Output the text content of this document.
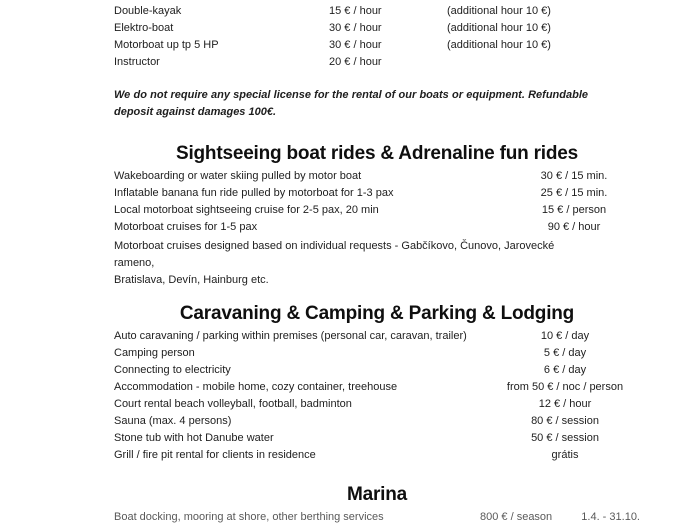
Double-kayak	15 € / hour	(additional hour 10 €)
Elektro-boat	30 € / hour	(additional hour 10 €)
Motorboat up tp 5 HP	30 € / hour	(additional hour 10 €)
Instructor	20 € / hour
We do not require any special license for the rental of our boats or equipment. Refundable
deposit against damages 100€.
Sightseeing boat rides & Adrenaline fun rides
Wakeboarding or water skiing pulled by motor boat	30 € / 15 min.
Inflatable banana fun ride pulled by motorboat for 1-3 pax	25 € / 15 min.
Local motorboat sightseeing cruise for 2-5 pax, 20 min	15 € / person
Motorboat cruises for 1-5 pax	90 € / hour
Motorboat cruises designed based on individual requests - Gabčíkovo, Čunovo, Jarovecké rameno,
Bratislava, Devín, Hainburg etc.
Caravaning & Camping & Parking & Lodging
Auto caravaning / parking within premises (personal car, caravan, trailer)	10 € / day
Camping person	5 € / day
Connecting to electricity	6 € / day
Accommodation - mobile home, cozy container, treehouse	from 50 € / noc / person
Court rental beach volleyball, football, badminton	12 € / hour
Sauna (max. 4 persons)	80 € / session
Stone tub with hot Danube water	50 € / session
Grill / fire pit rental for clients in residence	grátis
Marina
Boat docking, mooring at shore, other berthing services	800 € / season	1.4. - 31.10.
